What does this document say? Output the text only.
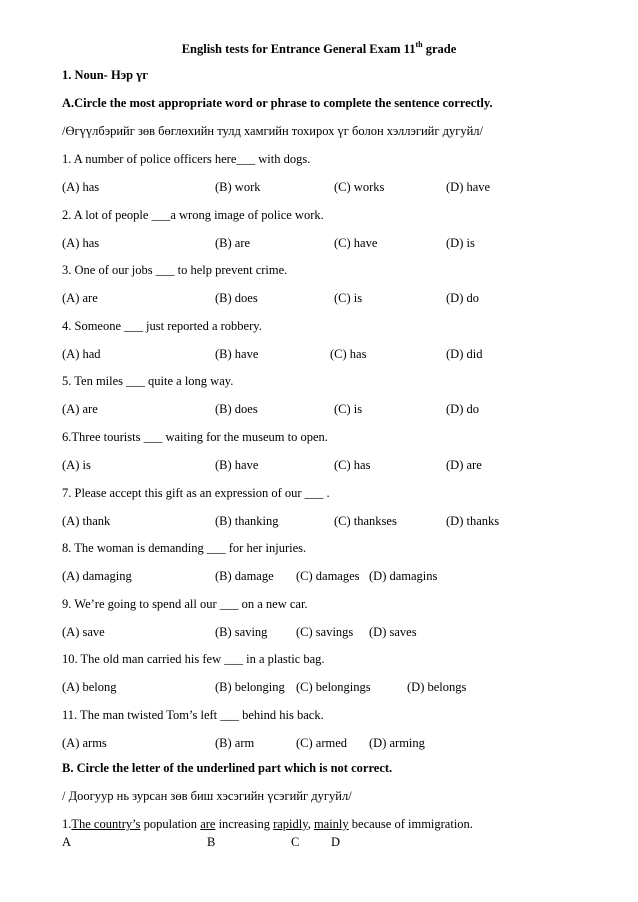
English tests for Entrance General Exam 11th grade
1. Noun- Нэр үг
A.Circle the most appropriate word or phrase to complete the sentence correctly.
/Өгүүлбэрийг зөв бөглөхийн тулд хамгийн тохирох үг болон хэллэгийг дугуйл/
1. A number of police officers here___ with dogs.
(A) has	(B) work	(C) works	(D) have
2. A lot of people ___a wrong image of police work.
(A) has	(B) are	(C) have	(D) is
3. One of our jobs ___ to help prevent crime.
(A) are	(B) does	(C) is	(D) do
4. Someone ___ just reported a robbery.
(A) had	(B) have	(C) has	(D) did
5. Ten miles ___ quite a long way.
(A) are	(B) does	(C) is	(D) do
6.Three tourists ___ waiting for the museum to open.
(A) is	(B) have	(C) has	(D) are
7. Please accept this gift as an expression of our ___ .
(A) thank	(B) thanking	(C) thankses	(D) thanks
8. The woman is demanding ___ for her injuries.
(A) damaging	(B) damage (C) damages (D) damagins
9. We’re going to spend all our ___ on a new car.
(A) save	(B) saving (C) savings (D) saves
10. The old man carried his few ___ in a plastic bag.
(A) belong	(B) belonging (C) belongings	(D) belongs
11. The man twisted Tom’s left ___ behind his back.
(A) arms	(B) arm	(C) armed (D) arming
B. Circle the letter of the underlined part which is not correct.
/ Доогуур нь зурсан зөв биш хэсэгийн үсэгийг дугуйл/
1.The country’s population are increasing rapidly, mainly because of immigration.
A	B	C	D
